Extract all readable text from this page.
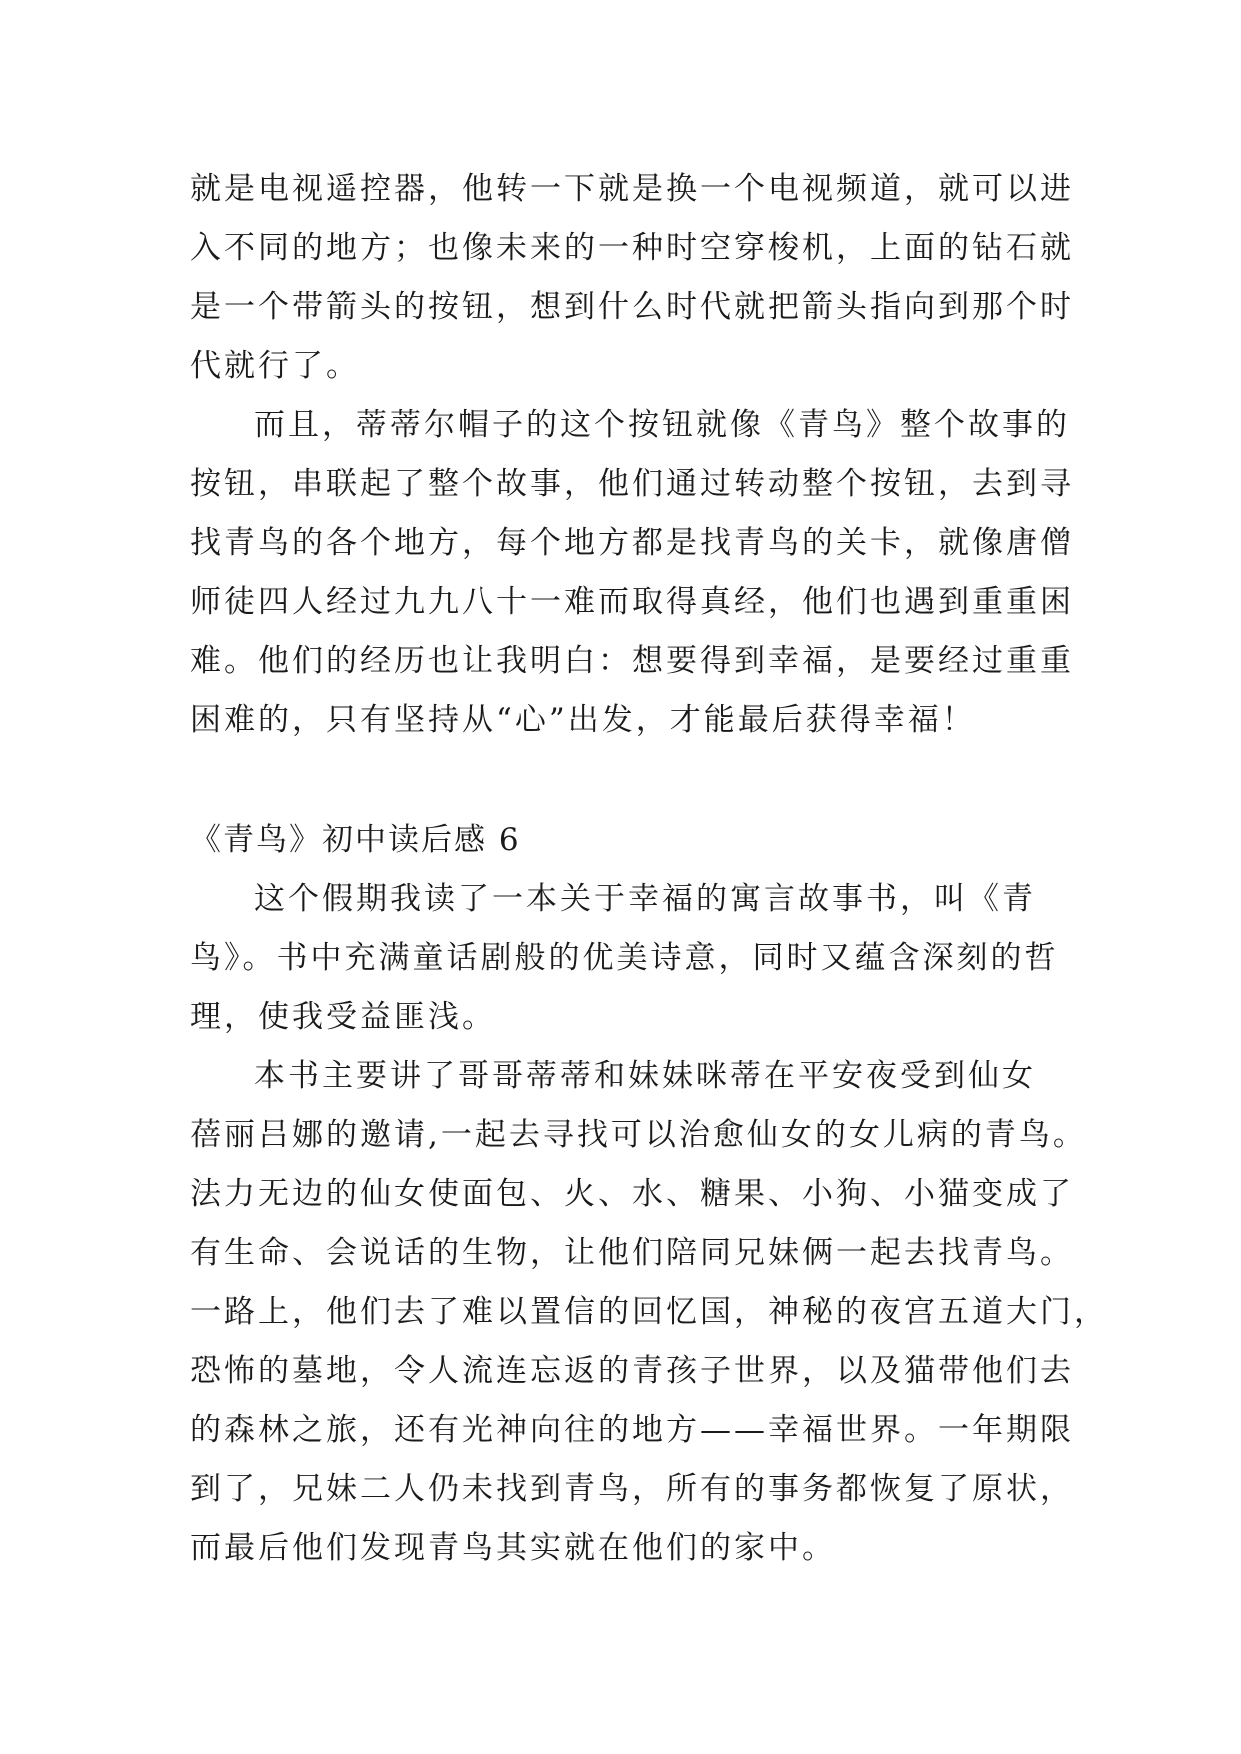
就是电视遥控器，他转一下就是换一个电视频道，就可以进
入不同的地方；也像未来的一种时空穿梭机，上面的钻石就
是一个带箭头的按钮，想到什么时代就把箭头指向到那个时
代就行了。
而且，蒂蒂尔帽子的这个按钮就像《青鸟》整个故事的
按钮，串联起了整个故事，他们通过转动整个按钮，去到寻
找青鸟的各个地方，每个地方都是找青鸟的关卡，就像唐僧
师徒四人经过九九八十一难而取得真经，他们也遇到重重困
难。他们的经历也让我明白：想要得到幸福，是要经过重重
困难的，只有坚持从“心”出发，才能最后获得幸福！
《青鸟》初中读后感 6
这个假期我读了一本关于幸福的寓言故事书，叫《青
鸟》。书中充满童话剧般的优美诗意，同时又蕴含深刻的哲
理，使我受益匪浅。
本书主要讲了哥哥蒂蒂和妹妹咪蒂在平安夜受到仙女
蓓丽吕娜的邀请,一起去寻找可以治愈仙女的女儿病的青鸟。
法力无边的仙女使面包、火、水、糖果、小狗、小猫变成了
有生命、会说话的生物，让他们陪同兄妹俩一起去找青鸟。
一路上，他们去了难以置信的回忆国，神秘的夜宫五道大门，
恐怖的墓地，令人流连忘返的青孩子世界，以及猫带他们去
的森林之旅，还有光神向往的地方——幸福世界。一年期限
到了，兄妹二人仍未找到青鸟，所有的事务都恢复了原状，
而最后他们发现青鸟其实就在他们的家中。
